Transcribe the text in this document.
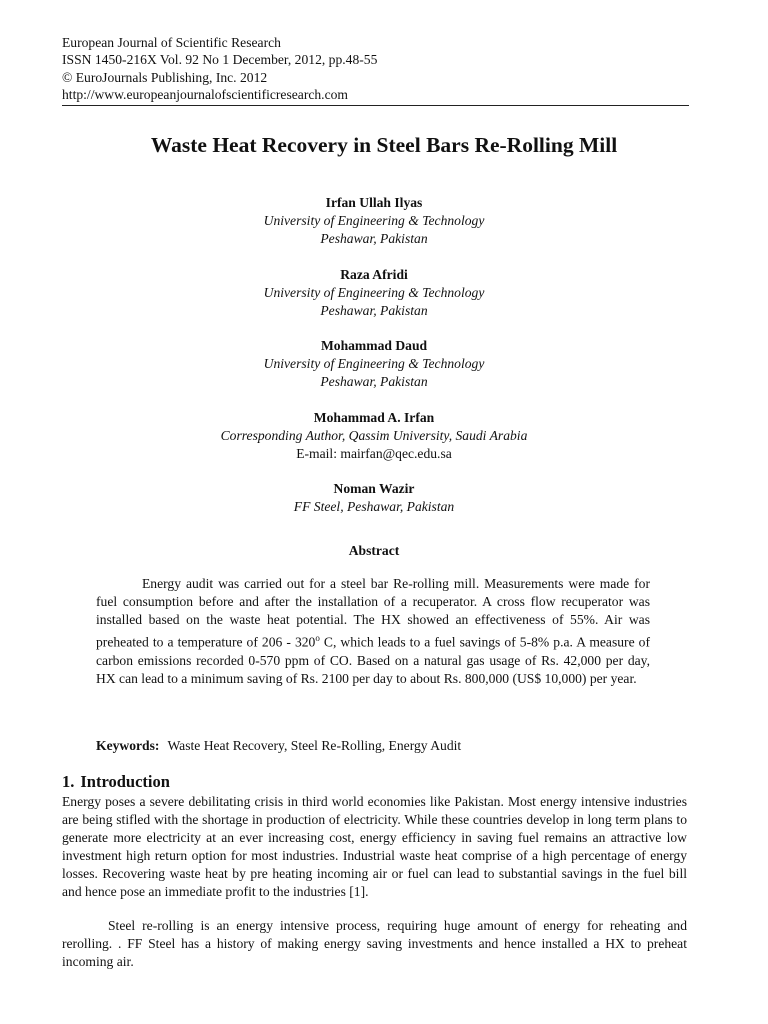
European Journal of Scientific Research
ISSN 1450-216X Vol. 92 No 1 December, 2012, pp.48-55
© EuroJournals Publishing, Inc. 2012
http://www.europeanjournalofscientificresearch.com
Waste Heat Recovery in Steel Bars Re-Rolling Mill
Irfan Ullah Ilyas
University of Engineering & Technology
Peshawar, Pakistan
Raza Afridi
University of Engineering & Technology
Peshawar, Pakistan
Mohammad Daud
University of Engineering & Technology
Peshawar, Pakistan
Mohammad A. Irfan
Corresponding Author, Qassim University, Saudi Arabia
E-mail: mairfan@qec.edu.sa
Noman Wazir
FF Steel, Peshawar, Pakistan
Abstract
Energy audit was carried out for a steel bar Re-rolling mill. Measurements were made for fuel consumption before and after the installation of a recuperator. A cross flow recuperator was installed based on the waste heat potential. The HX showed an effectiveness of 55%. Air was preheated to a temperature of 206 - 320$^o$ C, which leads to a fuel savings of 5-8% p.a. A measure of carbon emissions recorded 0-570 ppm of CO. Based on a natural gas usage of Rs. 42,000 per day, HX can lead to a minimum saving of Rs. 2100 per day to about Rs. 800,000 (US$ 10,000) per year.
Keywords: Waste Heat Recovery, Steel Re-Rolling, Energy Audit
1. Introduction
Energy poses a severe debilitating crisis in third world economies like Pakistan. Most energy intensive industries are being stifled with the shortage in production of electricity. While these countries develop in long term plans to generate more electricity at an ever increasing cost, energy efficiency in saving fuel remains an attractive low investment high return option for most industries. Industrial waste heat comprise of a high percentage of energy losses. Recovering waste heat by pre heating incoming air or fuel can lead to substantial savings in the fuel bill and hence pose an immediate profit to the industries [1].
Steel re-rolling is an energy intensive process, requiring huge amount of energy for reheating and rerolling. . FF Steel has a history of making energy saving investments and hence installed a HX to preheat incoming air.
